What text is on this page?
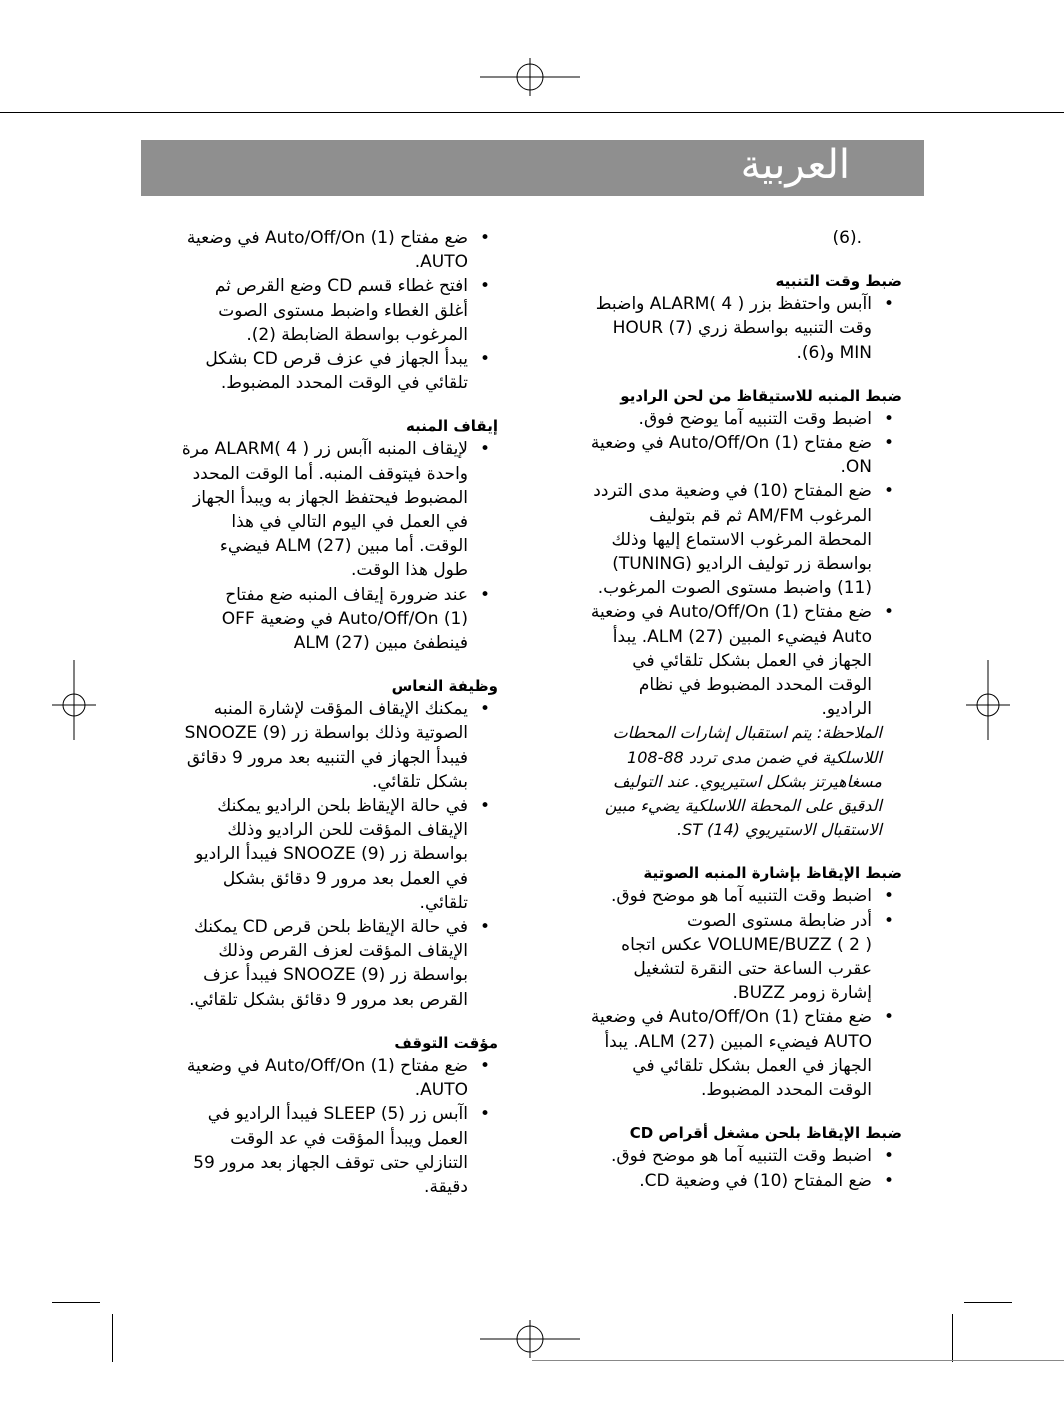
العربية

.(6)

ضبط وقت التنبيه
• اآبس واحتفظ بزر ALARM( 4 ) واضبط وقت التنبيه بواسطة زري HOUR (7) MIN و(6).
ضبط المنبه للاستيقاظ من لحن الراديو
• اضبط وقت التنبيه آما يوضح فوق.
• ضع مفتاح Auto/Off/On (1) في وضعية ON.
• ضع المفتاح (10) في وضعية مدى التردد المرغوب AM/FM ثم قم بتوليف المحطة المرغوب الاستماع إليها وذلك بواسطة زر توليف الراديو (TUNING) (11) واضبط مستوى الصوت المرغوب.
• ضع مفتاح Auto/Off/On (1) في وضعية Auto فيضيء المبين ALM (27). يبدأ الجهاز في العمل بشكل تلقائي في الوقت المحدد المضبوط في نظام الراديو.

الملاحظة: يتم استقبال إشارات المحطات اللاسلكية في ضمن مدى تردد 88-108 مسغاهيرتز بشكل استيريوي. عند التوليف الدقيق على المحطة اللاسلكية يضيء مبين الاستقبال الاستيريوي ST (14).

ضبط الإيقاظ بإشارة المنبه الصوتية
• اضبط وقت التنبيه آما هو موضح فوق.
• أدر ضابطة مستوى الصوت

VOLUME/BUZZ ( 2 ) عكس اتجاه عقرب الساعة حتى النقرة لتشغيل إشارة زومر BUZZ.

• ضع مفتاح Auto/Off/On (1) في وضعية AUTO فيضيء المبين ALM (27). يبدأ الجهاز في العمل بشكل تلقائي في الوقت المحدد المضبوط.
ضبط الإيقاظ بلحن مشغل أقراص CD
• اضبط وقت التنبيه آما هو موضح فوق.
• ضع المفتاح (10) في وضعية CD.
• ضع مفتاح Auto/Off/On (1) في وضعية AUTO.
• افتح غطاء قسم CD وضع القرص ثم أغلق الغطاء واضبط مستوى الصوت المرغوب بواسطة الضابطة (2).
• يبدأ الجهاز في عزف قرص CD بشكل تلقائي في الوقت المحدد المضبوط.
إيقاف المنبه
• لإيقاف المنبه اآبس زر ALARM( 4 ) مرة واحدة فيتوقف المنبه. أما الوقت المحدد المضبوط فيحتفظ الجهاز به ويبدأ الجهاز في العمل في اليوم التالي في هذا الوقت. أما مبين ALM (27) فيضيء طول هذا الوقت.
• عند ضرورة إيقاف المنبه ضع مفتاح Auto/Off/On (1) في وضعية OFF فينطفئ مبين ALM (27)
وظيفة النعاس
• يمكنك الإيقاف المؤقت لإشارة المنبه الصوتية وذلك بواسطة زر SNOOZE (9) فيبدأ الجهاز في التنبيه بعد مرور 9 دقائق بشكل تلقائي.
• في حالة الإيقاظ بلحن الراديو يمكنك الإيقاف المؤقت للحن الراديو وذلك بواسطة زر SNOOZE (9) فيبدأ الراديو في العمل بعد مرور 9 دقائق بشكل تلقائي.
• في حالة الإيقاظ بلحن قرص CD يمكنك الإيقاف المؤقت لعزف القرص وذلك بواسطة زر SNOOZE (9) فيبدأ عزف القرص بعد مرور 9 دقائق بشكل تلقائي.
مؤقت التوقف
• ضع مفتاح Auto/Off/On (1) في وضعية AUTO.
• اآبس زر SLEEP (5) فيبدأ الراديو في العمل ويبدأ المؤقت في عد الوقت التنازلي حتى توقف الجهاز بعد مرور 59 دقيقة.
